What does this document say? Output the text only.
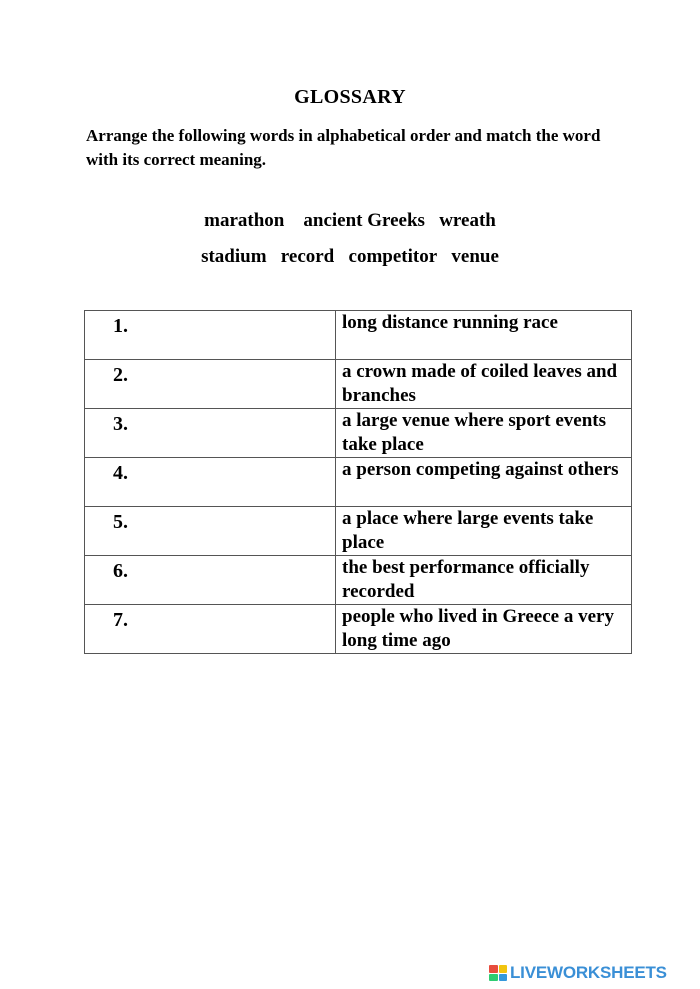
GLOSSARY
Arrange the following words in alphabetical order and match the word with its correct meaning.
marathon ancient Greeks wreath
stadium record competitor venue
1.	long distance running race

2.	a crown made of coiled leaves and branches

3.	a large venue where sport events take place

4.	a person competing against others

5.	a place where large events take place

6.	the best performance officially recorded

7.	people who lived in Greece a very long time ago
LIVEWORKSHEETS
